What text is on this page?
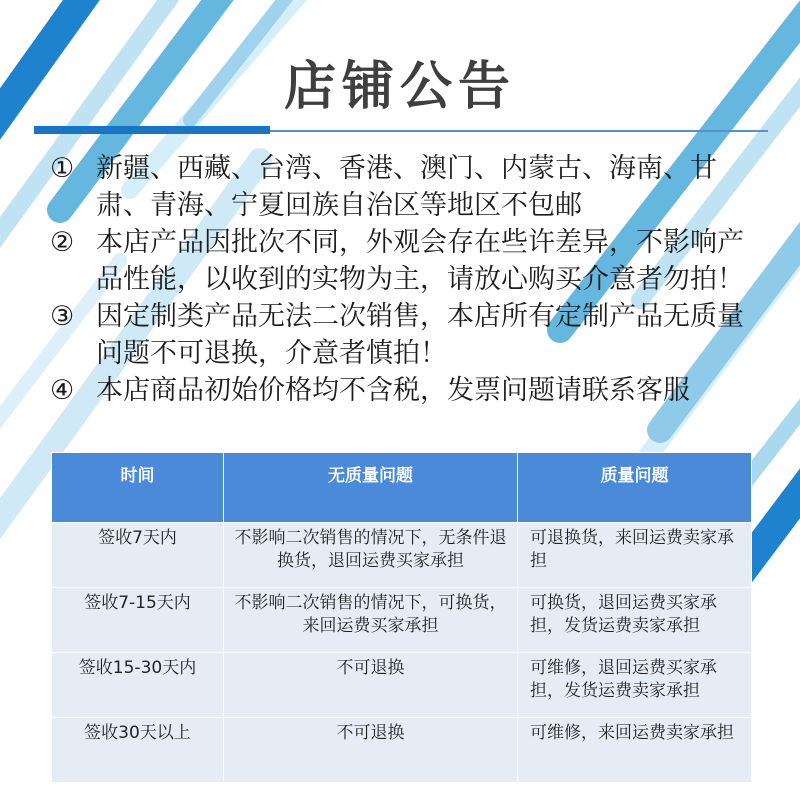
店铺公告
① 新疆、西藏、台湾、香港、澳门、内蒙古、海南、甘肃、青海、宁夏回族自治区等地区不包邮
② 本店产品因批次不同，外观会存在些许差异，不影响产品性能，以收到的实物为主，请放心购买介意者勿拍！
③ 因定制类产品无法二次销售，本店所有定制产品无质量问题不可退换，介意者慎拍！
④ 本店商品初始价格均不含税，发票问题请联系客服
时间	无质量问题	质量问题
签收7天内	不影响二次销售的情况下，无条件退换货，退回运费买家承担	可退换货，来回运费卖家承担
签收7-15天内	不影响二次销售的情况下，可换货，来回运费买家承担	可换货，退回运费买家承担，发货运费卖家承担
签收15-30天内	不可退换	可维修，退回运费买家承担，发货运费卖家承担
签收30天以上	不可退换	可维修，来回运费卖家承担
